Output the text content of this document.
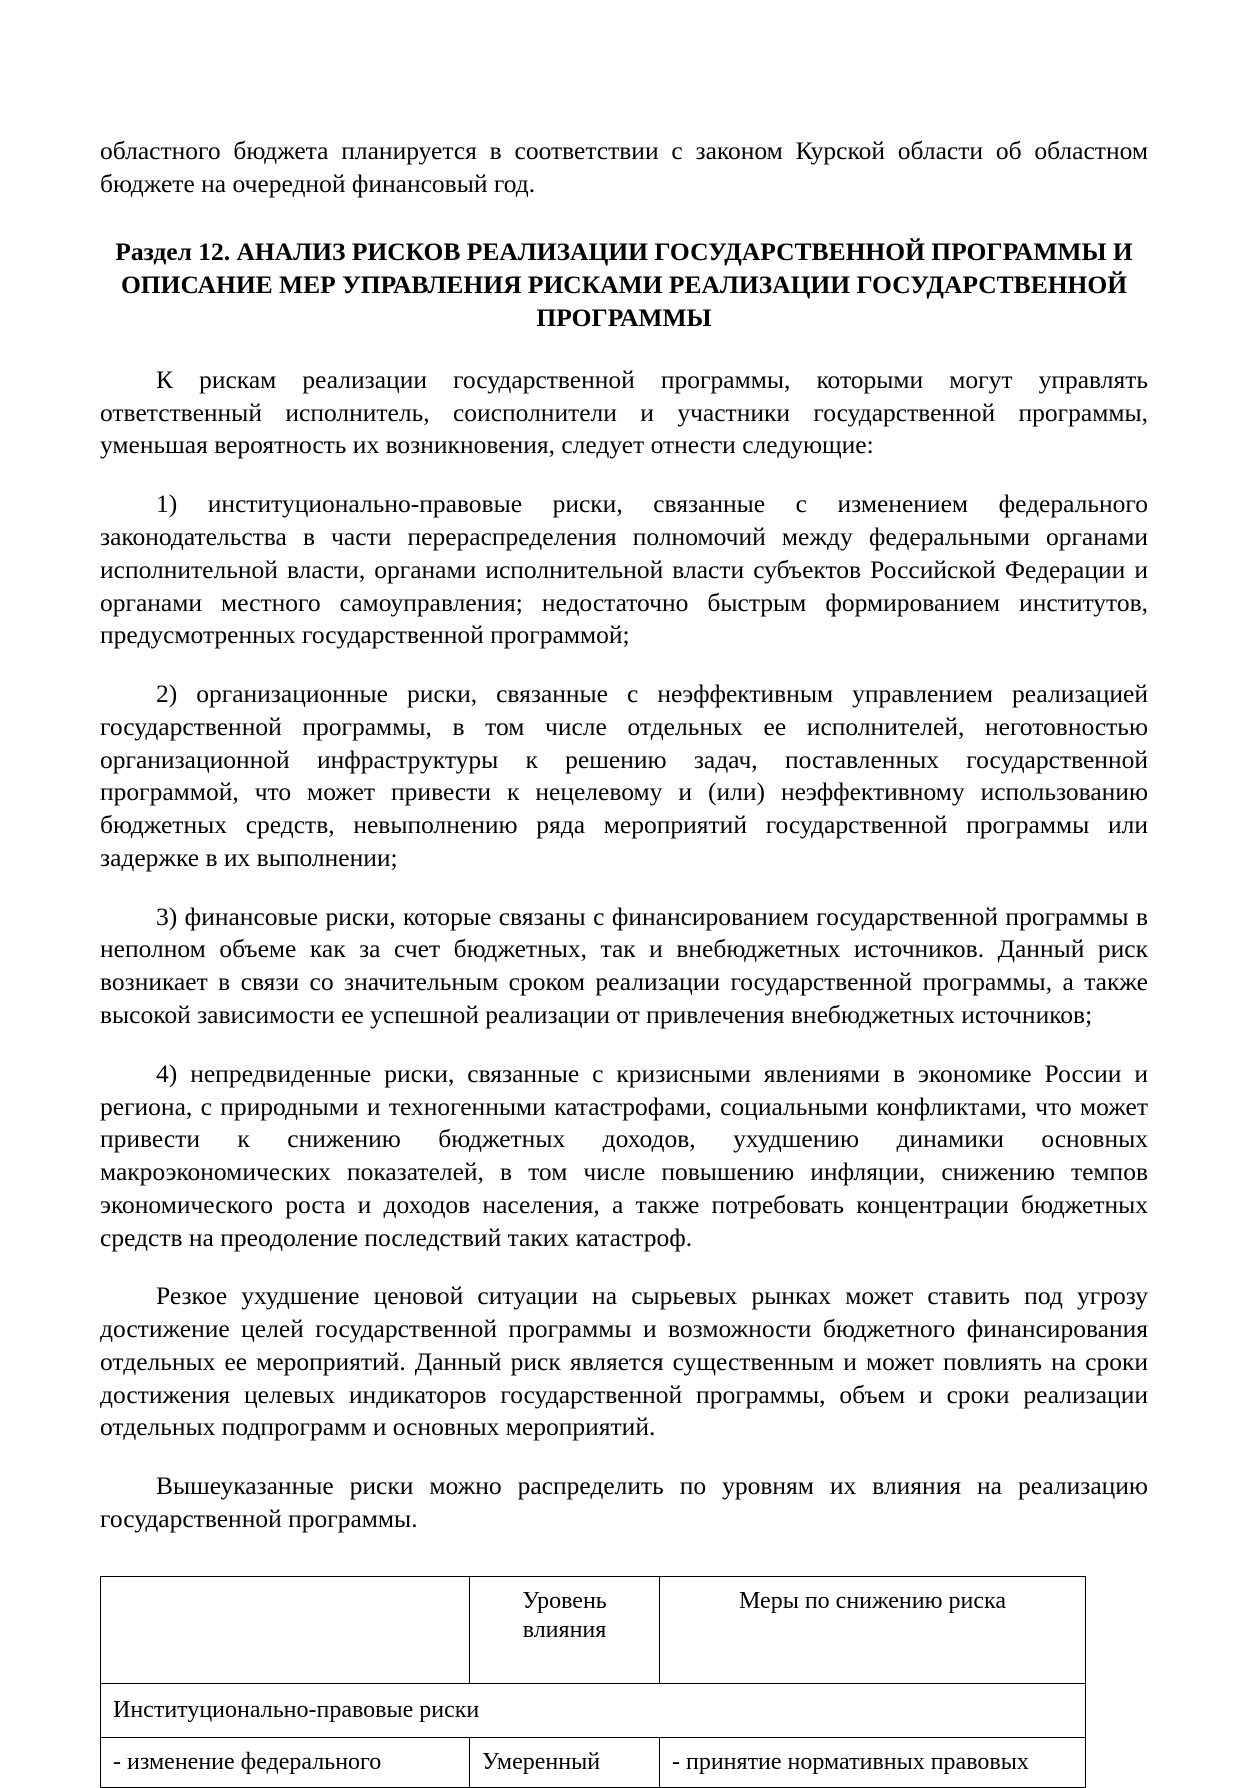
областного бюджета планируется в соответствии с законом Курской области об областном бюджете на очередной финансовый год.

Раздел 12. АНАЛИЗ РИСКОВ РЕАЛИЗАЦИИ ГОСУДАРСТВЕННОЙ ПРОГРАММЫ И ОПИСАНИЕ МЕР УПРАВЛЕНИЯ РИСКАМИ РЕАЛИЗАЦИИ ГОСУДАРСТВЕННОЙ ПРОГРАММЫ

К рискам реализации государственной программы, которыми могут управлять ответственный исполнитель, соисполнители и участники государственной программы, уменьшая вероятность их возникновения, следует отнести следующие:

1) институционально-правовые риски, связанные с изменением федерального законодательства в части перераспределения полномочий между федеральными органами исполнительной власти, органами исполнительной власти субъектов Российской Федерации и органами местного самоуправления; недостаточно быстрым формированием институтов, предусмотренных государственной программой;

2) организационные риски, связанные с неэффективным управлением реализацией государственной программы, в том числе отдельных ее исполнителей, неготовностью организационной инфраструктуры к решению задач, поставленных государственной программой, что может привести к нецелевому и (или) неэффективному использованию бюджетных средств, невыполнению ряда мероприятий государственной программы или задержке в их выполнении;

3) финансовые риски, которые связаны с финансированием государственной программы в неполном объеме как за счет бюджетных, так и внебюджетных источников. Данный риск возникает в связи со значительным сроком реализации государственной программы, а также высокой зависимости ее успешной реализации от привлечения внебюджетных источников;

4) непредвиденные риски, связанные с кризисными явлениями в экономике России и региона, с природными и техногенными катастрофами, социальными конфликтами, что может привести к снижению бюджетных доходов, ухудшению динамики основных макроэкономических показателей, в том числе повышению инфляции, снижению темпов экономического роста и доходов населения, а также потребовать концентрации бюджетных средств на преодоление последствий таких катастроф.

Резкое ухудшение ценовой ситуации на сырьевых рынках может ставить под угрозу достижение целей государственной программы и возможности бюджетного финансирования отдельных ее мероприятий. Данный риск является существенным и может повлиять на сроки достижения целевых индикаторов государственной программы, объем и сроки реализации отдельных подпрограмм и основных мероприятий.

Вышеуказанные риски можно распределить по уровням их влияния на реализацию государственной программы.

	Уровень влияния	Меры по снижению риска
Институционально-правовые риски		
- изменение федерального	Умеренный	- принятие нормативных правовых
